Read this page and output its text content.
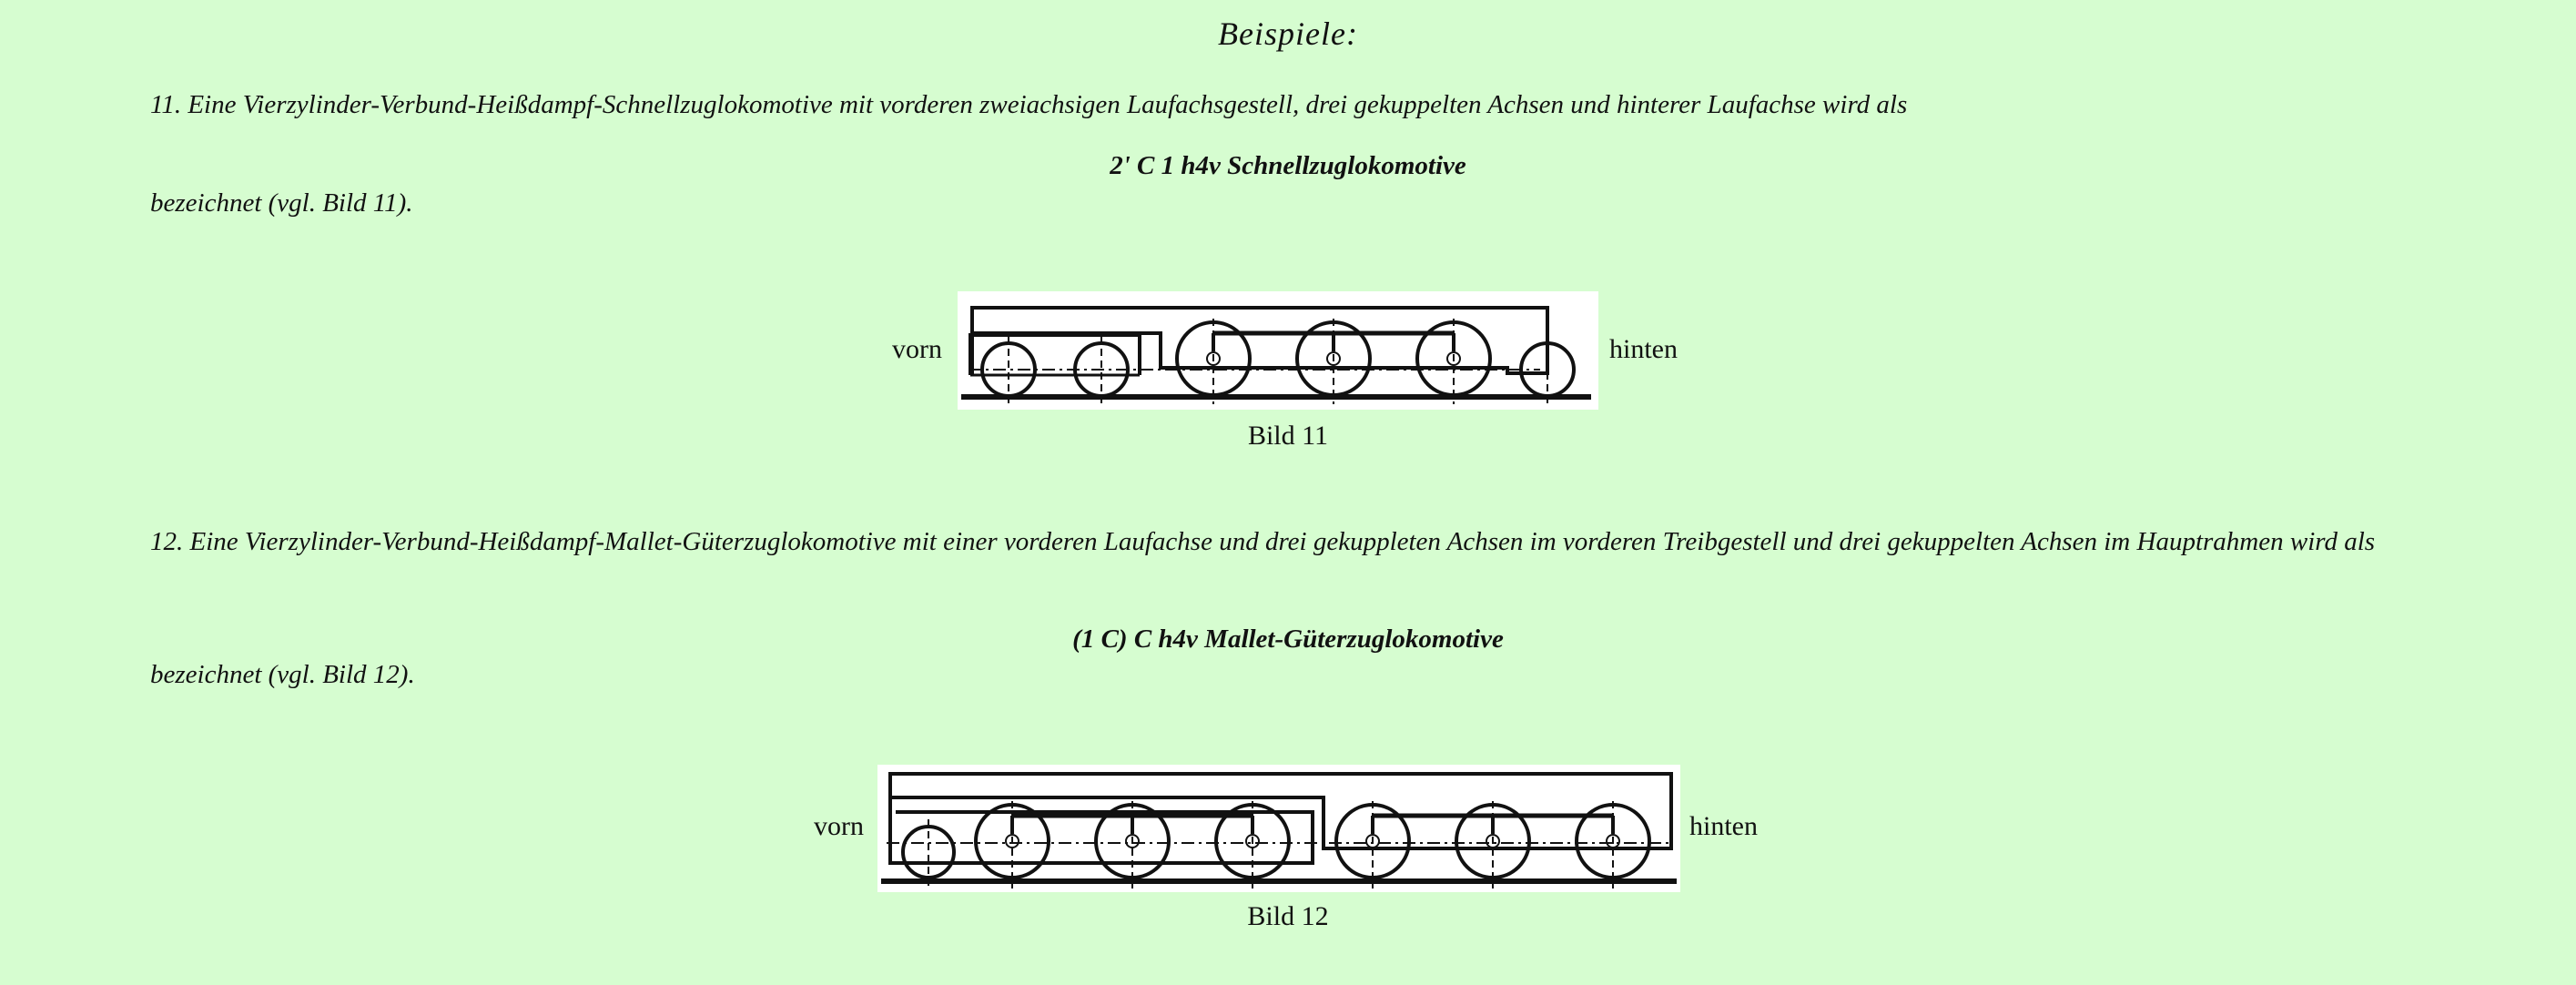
Beispiele:
11. Eine Vierzylinder-Verbund-Heißdampf-Schnellzuglokomotive mit vorderen zweiachsigen Laufachsgestell, drei gekuppelten Achsen und hinterer Laufachse wird als
2' C 1 h4v Schnellzuglokomotive
bezeichnet (vgl. Bild 11).
vorn	hinten
Bild 11
12. Eine Vierzylinder-Verbund-Heißdampf-Mallet-Güterzuglokomotive mit einer vorderen Laufachse und drei gekuppleten Achsen im vorderen Treibgestell und drei gekuppelten Achsen im Hauptrahmen wird als
(1 C) C h4v Mallet-Güterzuglokomotive
bezeichnet (vgl. Bild 12).
vorn	hinten
Bild 12
